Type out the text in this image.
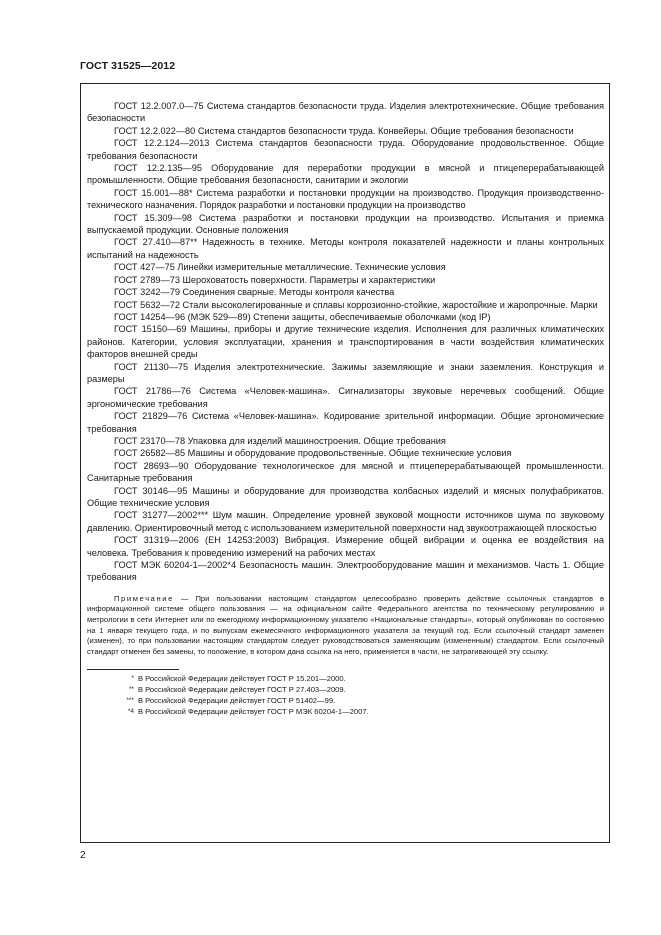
ГОСТ 31525—2012

ГОСТ 12.2.007.0—75 Система стандартов безопасности труда. Изделия электротехнические. Общие требования безопасности

ГОСТ 12.2.022—80 Система стандартов безопасности труда. Конвейеры. Общие требования безопасности

ГОСТ 12.2.124—2013 Система стандартов безопасности труда. Оборудование продовольственное. Общие требования безопасности

ГОСТ 12.2.135—95 Оборудование для переработки продукции в мясной и птицеперерабатывающей промышленности. Общие требования безопасности, санитарии и экологии

ГОСТ 15.001—88* Система разработки и постановки продукции на производство. Продукция производственно-технического назначения. Порядок разработки и постановки продукции на производство

ГОСТ 15.309—98 Система разработки и постановки продукции на производство. Испытания и приемка выпускаемой продукции. Основные положения

ГОСТ 27.410—87** Надежность в технике. Методы контроля показателей надежности и планы контрольных испытаний на надежность

ГОСТ 427—75 Линейки измерительные металлические. Технические условия

ГОСТ 2789—73 Шероховатость поверхности. Параметры и характеристики

ГОСТ 3242—79 Соединения сварные. Методы контроля качества

ГОСТ 5632—72 Стали высоколегированные и сплавы коррозионно-стойкие, жаростойкие и жаропрочные. Марки

ГОСТ 14254—96 (МЭК 529—89) Степени защиты, обеспечиваемые оболочками (код IP)

ГОСТ 15150—69 Машины, приборы и другие технические изделия. Исполнения для различных климатических районов. Категории, условия эксплуатации, хранения и транспортирования в части воздействия климатических факторов внешней среды

ГОСТ 21130—75 Изделия электротехнические. Зажимы заземляющие и знаки заземления. Конструкция и размеры

ГОСТ 21786—76 Система «Человек-машина». Сигнализаторы звуковые неречевых сообщений. Общие эргономические требования

ГОСТ 21829—76 Система «Человек-машина». Кодирование зрительной информации. Общие эргономические требования

ГОСТ 23170—78 Упаковка для изделий машиностроения. Общие требования

ГОСТ 26582—85 Машины и оборудование продовольственные. Общие технические условия

ГОСТ 28693—90 Оборудование технологическое для мясной и птицеперерабатывающей промышленности. Санитарные требования

ГОСТ 30146—95 Машины и оборудование для производства колбасных изделий и мясных полуфабрикатов. Общие технические условия

ГОСТ 31277—2002*** Шум машин. Определение уровней звуковой мощности источников шума по звуковому давлению. Ориентировочный метод с использованием измерительной поверхности над звукоотражающей плоскостью

ГОСТ 31319—2006 (ЕН 14253:2003) Вибрация. Измерение общей вибрации и оценка ее воздействия на человека. Требования к проведению измерений на рабочих местах

ГОСТ МЭК 60204-1—2002*4 Безопасность машин. Электрооборудование машин и механизмов. Часть 1. Общие требования

Примечание — При пользовании настоящим стандартом целесообразно проверить действие ссылочных стандартов в информационной системе общего пользования — на официальном сайте Федерального агентства по техническому регулированию и метрологии в сети Интернет или по ежегодному информационному указателю «Национальные стандарты», который опубликован по состоянию на 1 января текущего года, и по выпускам ежемесячного информационного указателя за текущий год. Если ссылочный стандарт заменен (изменен), то при пользовании настоящим стандартом следует руководствоваться заменяющим (измененным) стандартом. Если ссылочный стандарт отменен без замены, то положение, в котором дана ссылка на него, применяется в части, не затрагивающей эту ссылку.

* В Российской Федерации действует ГОСТ Р 15.201—2000.

** В Российской Федерации действует ГОСТ Р 27.403—2009.

*** В Российской Федерации действует ГОСТ Р 51402—99.

*4 В Российской Федерации действует ГОСТ Р МЭК 60204-1—2007.

2
